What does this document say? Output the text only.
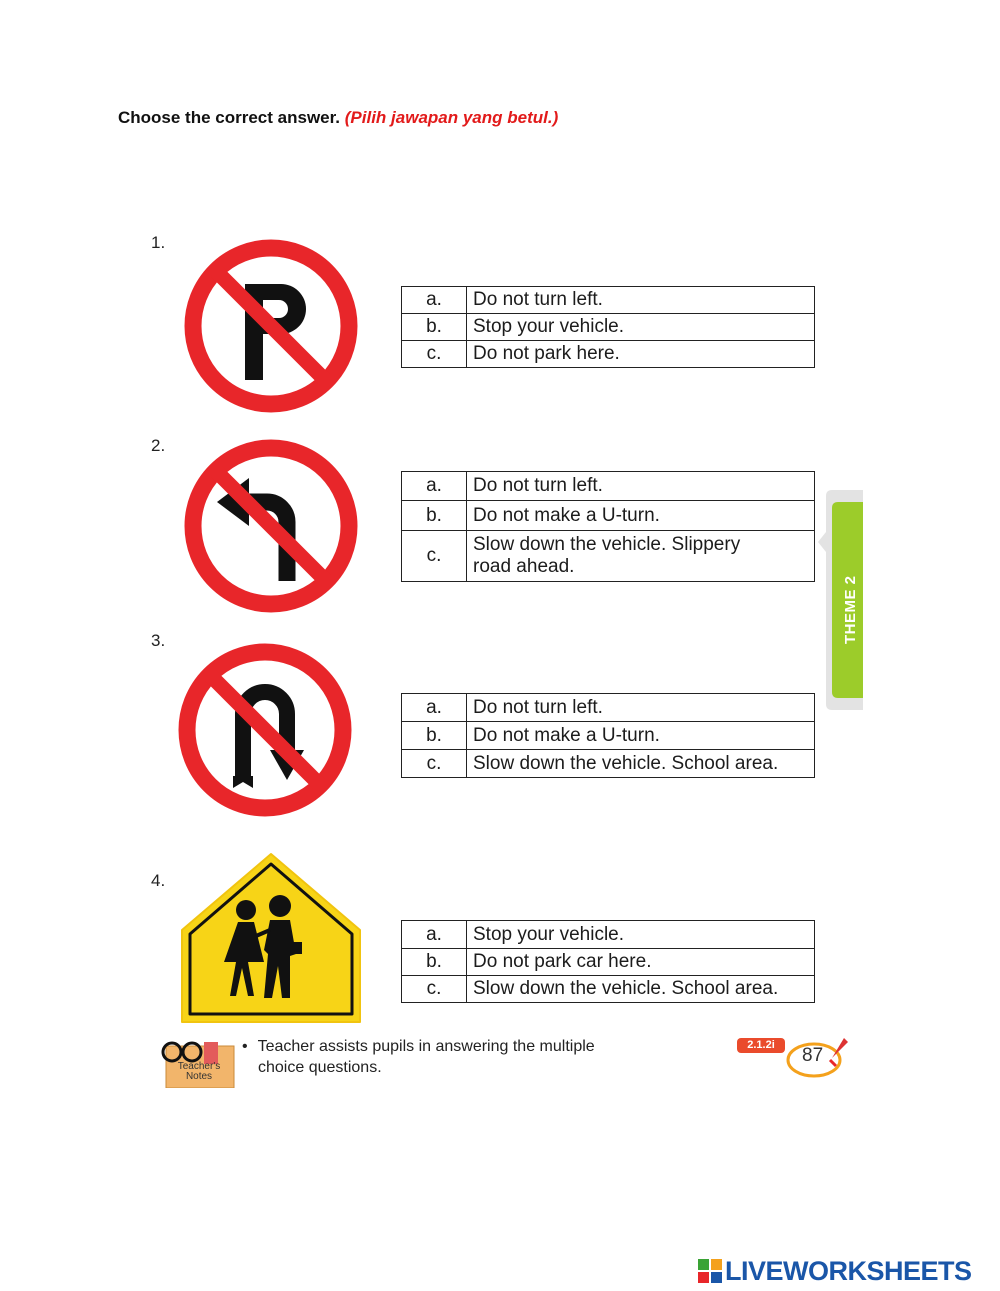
Choose the correct answer. (Pilih jawapan yang betul.)
1.
a.	Do not turn left.
b.	Stop your vehicle.
c.	Do not park here.
2.
a.	Do not turn left.
b.	Do not make a U-turn.
c.	Slow down the vehicle. Slippery road ahead.
3.
a.	Do not turn left.
b.	Do not make a U-turn.
c.	Slow down the vehicle. School area.
4.
a.	Stop your vehicle.
b.	Do not park car here.
c.	Slow down the vehicle. School area.
THEME 2
Teacher's Notes
• Teacher assists pupils in answering the multiple
choice questions.
2.1.2i	87
LIVEWORKSHEETS
